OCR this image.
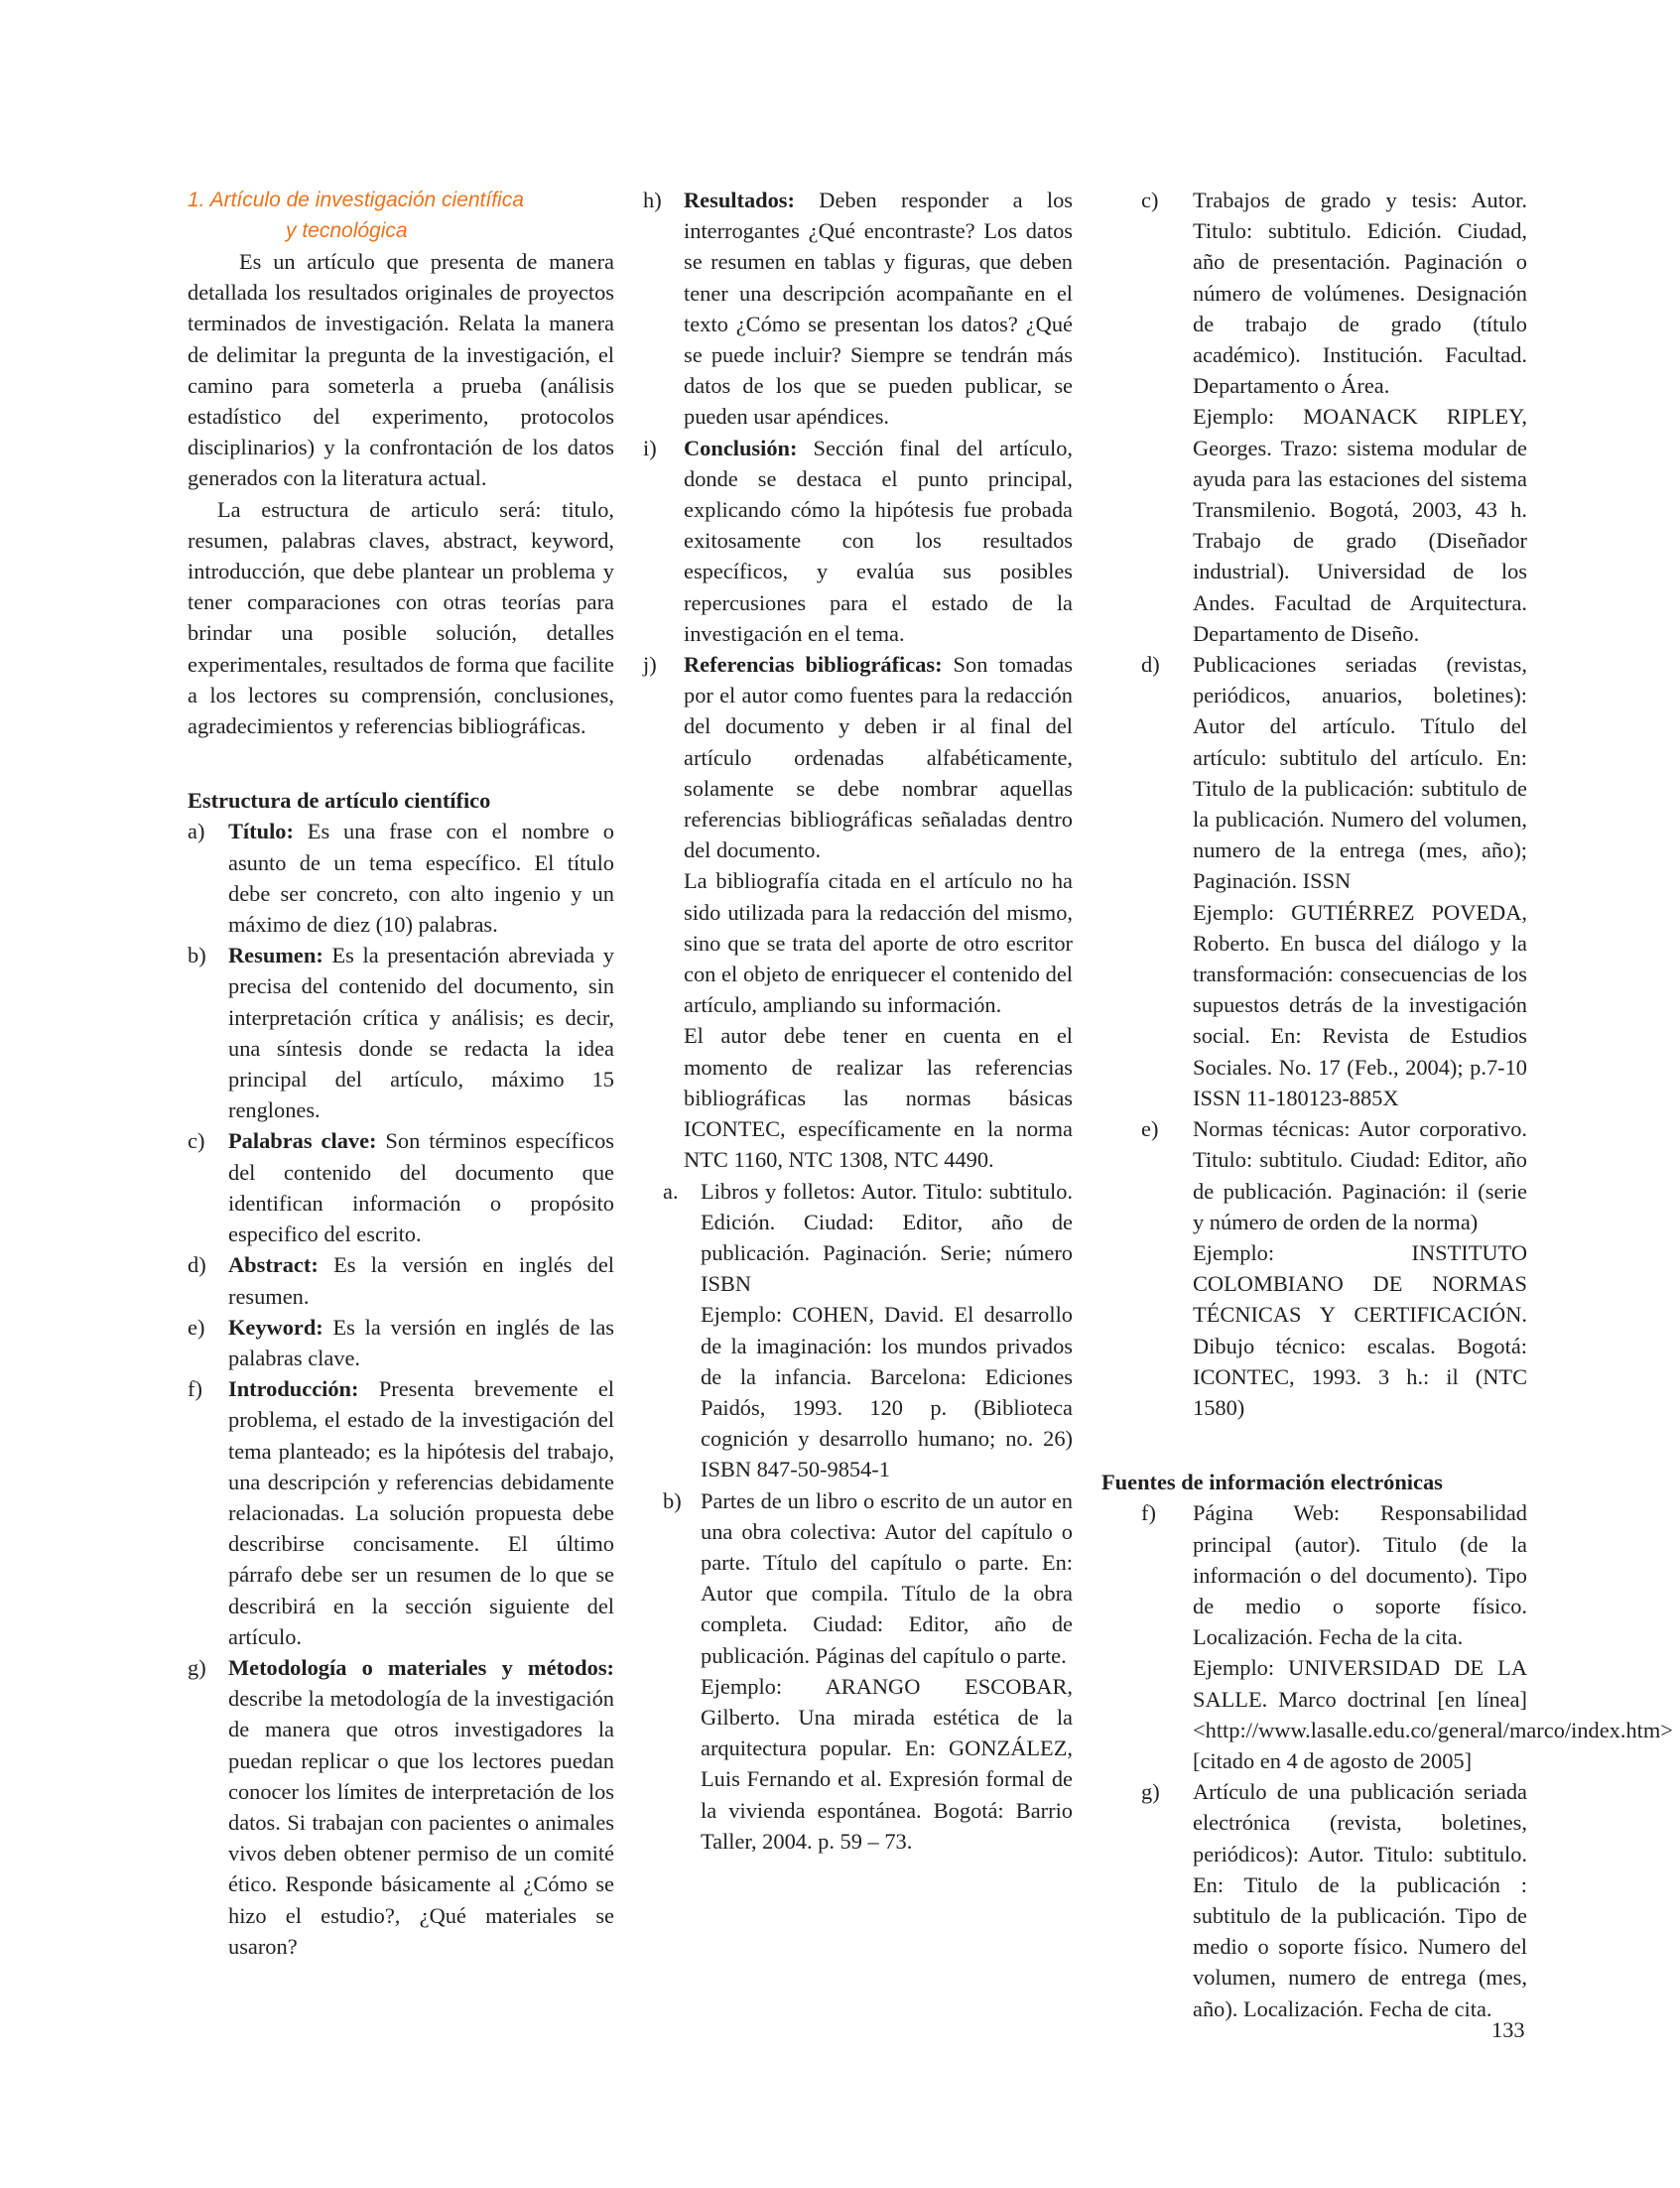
1. Artículo de investigación científica
y tecnológica

Es un artículo que presenta de manera detallada los resultados originales de proyectos terminados de investigación. Relata la manera de delimitar la pregunta de la investigación, el camino para someterla a prueba (análisis estadístico del experimento, protocolos disciplinarios) y la confrontación de los datos generados con la literatura actual.

La estructura de articulo será: titulo, resumen, palabras claves, abstract, keyword, introducción, que debe plantear un problema y tener comparaciones con otras teorías para brindar una posible solución, detalles experimentales, resultados de forma que facilite a los lectores su comprensión, conclusiones, agradecimientos y referencias bibliográficas.

Estructura de artículo científico

a) Título: Es una frase con el nombre o asunto de un tema específico. El título debe ser concreto, con alto ingenio y un máximo de diez (10) palabras.
b) Resumen: Es la presentación abreviada y precisa del contenido del documento, sin interpretación crítica y análisis; es decir, una síntesis donde se redacta la idea principal del artículo, máximo 15 renglones.
c) Palabras clave: Son términos específicos del contenido del documento que identifican información o propósito especifico del escrito.
d) Abstract: Es la versión en inglés del resumen.
e) Keyword: Es la versión en inglés de las palabras clave.
f) Introducción: Presenta brevemente el problema, el estado de la investigación del tema planteado; es la hipótesis del trabajo, una descripción y referencias debidamente relacionadas. La solución propuesta debe describirse concisamente. El último párrafo debe ser un resumen de lo que se describirá en la sección siguiente del artículo.
g) Metodología o materiales y métodos: describe la metodología de la investigación de manera que otros investigadores la puedan replicar o que los lectores puedan conocer los límites de interpretación de los datos. Si trabajan con pacientes o animales vivos deben obtener permiso de un comité ético. Responde básicamente al ¿Cómo se hizo el estudio?, ¿Qué materiales se usaron?
h) Resultados: Deben responder a los interrogantes ¿Qué encontraste? Los datos se resumen en tablas y figuras, que deben tener una descripción acompañante en el texto ¿Cómo se presentan los datos? ¿Qué se puede incluir? Siempre se tendrán más datos de los que se pueden publicar, se pueden usar apéndices.
i) Conclusión: Sección final del artículo, donde se destaca el punto principal, explicando cómo la hipótesis fue probada exitosamente con los resultados específicos, y evalúa sus posibles repercusiones para el estado de la investigación en el tema.
j) Referencias bibliográficas: Son tomadas por el autor como fuentes para la redacción del documento y deben ir al final del artículo ordenadas alfabéticamente, solamente se debe nombrar aquellas referencias bibliográficas señaladas dentro del documento.

La bibliografía citada en el artículo no ha sido utilizada para la redacción del mismo, sino que se trata del aporte de otro escritor con el objeto de enriquecer el contenido del artículo, ampliando su información.

El autor debe tener en cuenta en el momento de realizar las referencias bibliográficas las normas básicas ICONTEC, específicamente en la norma NTC 1160, NTC 1308, NTC 4490.

a. Libros y folletos: Autor. Titulo: subtitulo. Edición. Ciudad: Editor, año de publicación. Paginación. Serie; número ISBN

Ejemplo: COHEN, David. El desarrollo de la imaginación: los mundos privados de la infancia. Barcelona: Ediciones Paidós, 1993. 120 p. (Biblioteca cognición y desarrollo humano; no. 26) ISBN 847-50-9854-1

b) Partes de un libro o escrito de un autor en una obra colectiva: Autor del capítulo o parte. Título del capítulo o parte. En: Autor que compila. Título de la obra completa. Ciudad: Editor, año de publicación. Páginas del capítulo o parte.

Ejemplo: ARANGO ESCOBAR, Gilberto. Una mirada estética de la arquitectura popular. En: GONZÁLEZ, Luis Fernando et al. Expresión formal de la vivienda espontánea. Bogotá: Barrio Taller, 2004. p. 59 – 73.

c) Trabajos de grado y tesis: Autor. Titulo: subtitulo. Edición. Ciudad, año de presentación. Paginación o número de volúmenes. Designación de trabajo de grado (título académico). Institución. Facultad. Departamento o Área.

Ejemplo: MOANACK RIPLEY, Georges. Trazo: sistema modular de ayuda para las estaciones del sistema Transmilenio. Bogotá, 2003, 43 h. Trabajo de grado (Diseñador industrial). Universidad de los Andes. Facultad de Arquitectura. Departamento de Diseño.

d) Publicaciones seriadas (revistas, periódicos, anuarios, boletines): Autor del artículo. Título del artículo: subtitulo del artículo. En: Titulo de la publicación: subtitulo de la publicación. Numero del volumen, numero de la entrega (mes, año); Paginación. ISSN

Ejemplo: GUTIÉRREZ POVEDA, Roberto. En busca del diálogo y la transformación: consecuencias de los supuestos detrás de la investigación social. En: Revista de Estudios Sociales. No. 17 (Feb., 2004); p.7-10 ISSN 11-180123-885X

e) Normas técnicas: Autor corporativo. Titulo: subtitulo. Ciudad: Editor, año de publicación. Paginación: il (serie y número de orden de la norma)

Ejemplo: INSTITUTO COLOMBIANO DE NORMAS TÉCNICAS Y CERTIFICACIÓN. Dibujo técnico: escalas. Bogotá: ICONTEC, 1993. 3 h.: il (NTC 1580)

Fuentes de información electrónicas

f) Página Web: Responsabilidad principal (autor). Titulo (de la información o del documento). Tipo de medio o soporte físico. Localización. Fecha de la cita.

Ejemplo: UNIVERSIDAD DE LA SALLE. Marco doctrinal [en línea] <http://www.lasalle.edu.co/general/marco/index.htm> [citado en 4 de agosto de 2005]

g) Artículo de una publicación seriada electrónica (revista, boletines, periódicos): Autor. Titulo: subtitulo. En: Titulo de la publicación : subtitulo de la publicación. Tipo de medio o soporte físico. Numero del volumen, numero de entrega (mes, año). Localización. Fecha de cita.

133
